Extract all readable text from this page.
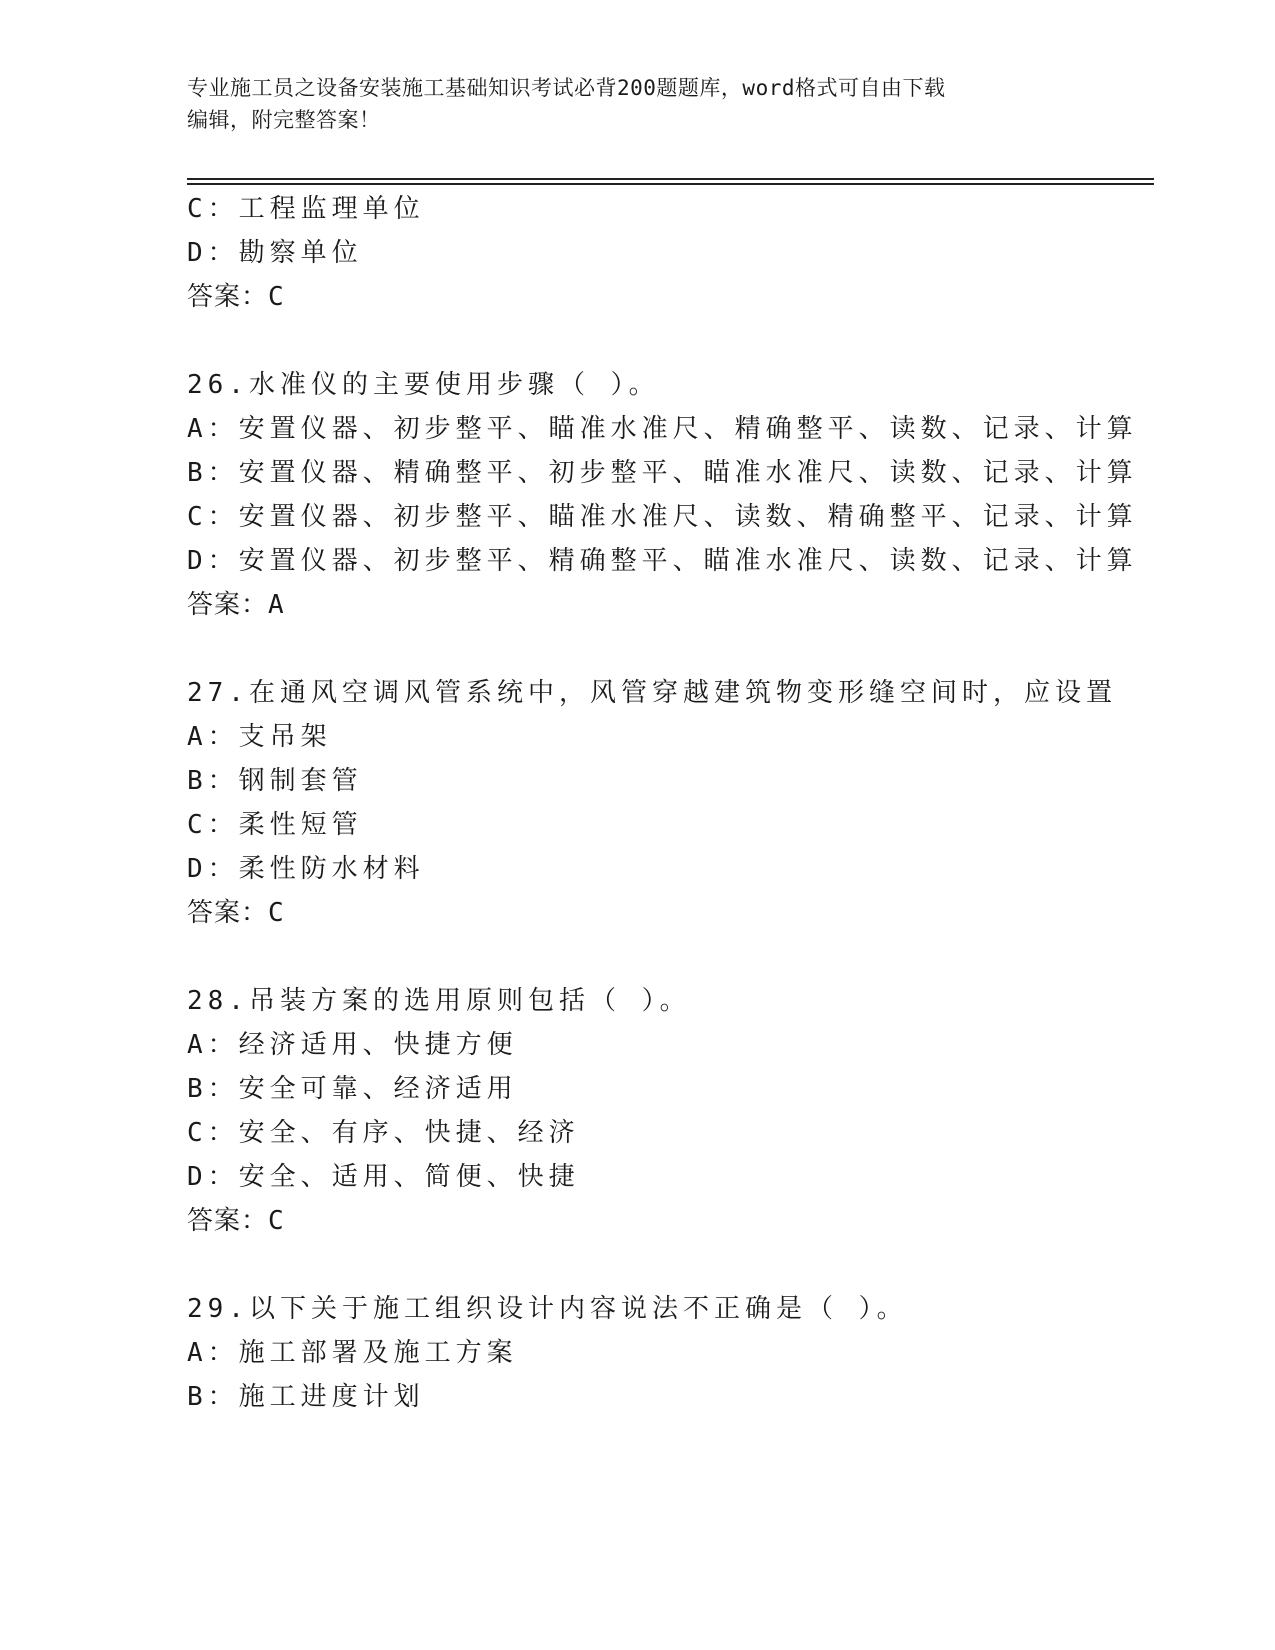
专业施工员之设备安装施工基础知识考试必背200题题库，word格式可自由下载
编辑，附完整答案！
C：工程监理单位
D：勘察单位
答案：C
26.水准仪的主要使用步骤（ ）。
A：安置仪器、初步整平、瞄准水准尺、精确整平、读数、记录、计算
B：安置仪器、精确整平、初步整平、瞄准水准尺、读数、记录、计算
C：安置仪器、初步整平、瞄准水准尺、读数、精确整平、记录、计算
D：安置仪器、初步整平、精确整平、瞄准水准尺、读数、记录、计算
答案：A
27.在通风空调风管系统中，风管穿越建筑物变形缝空间时，应设置
A：支吊架
B：钢制套管
C：柔性短管
D：柔性防水材料
答案：C
28.吊装方案的选用原则包括（ ）。
A：经济适用、快捷方便
B：安全可靠、经济适用
C：安全、有序、快捷、经济
D：安全、适用、简便、快捷
答案：C
29.以下关于施工组织设计内容说法不正确是（ ）。
A：施工部署及施工方案
B：施工进度计划
